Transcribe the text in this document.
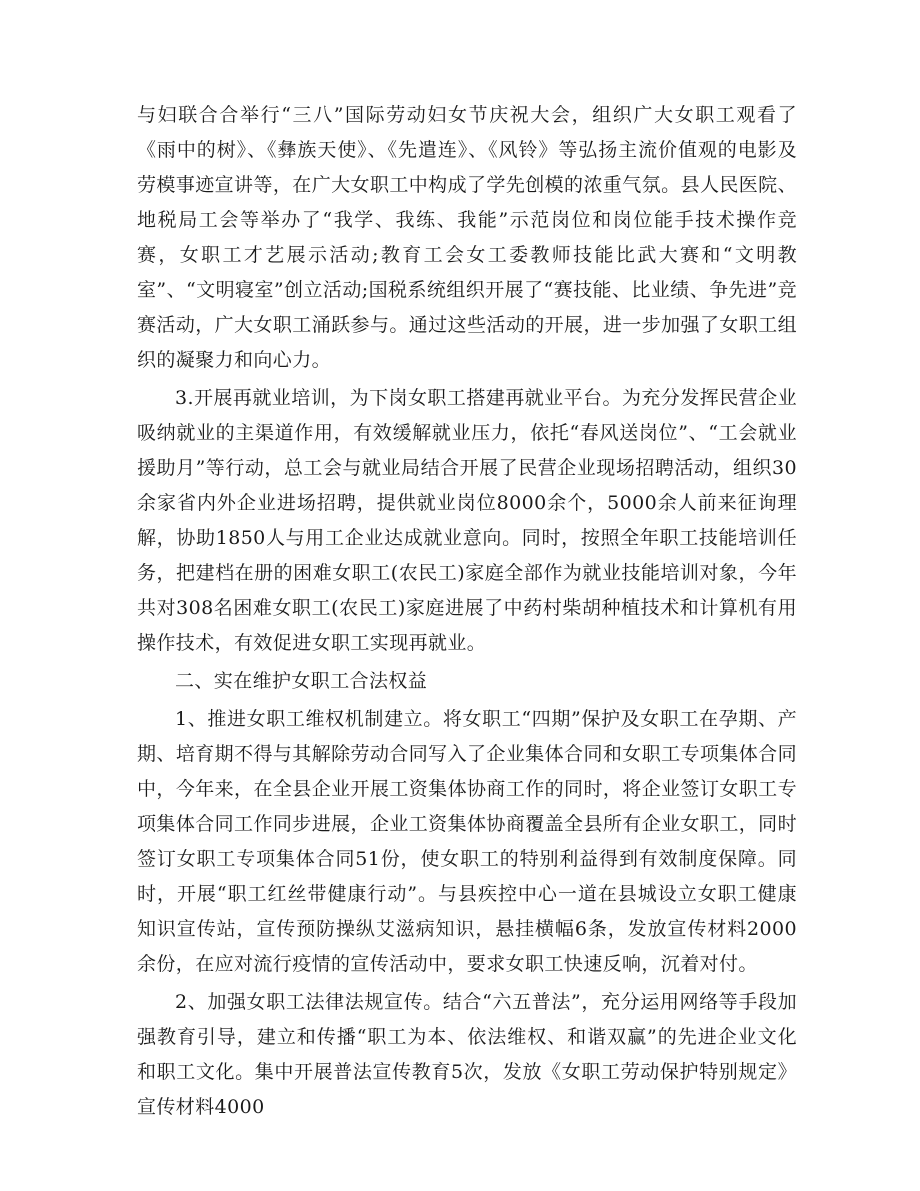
与妇联合合举行“三八”国际劳动妇女节庆祝大会，组织广大女职工观看了《雨中的树》、《彝族天使》、《先遣连》、《风铃》等弘扬主流价值观的电影及劳模事迹宣讲等，在广大女职工中构成了学先创模的浓重气氛。县人民医院、地税局工会等举办了“我学、我练、我能”示范岗位和岗位能手技术操作竞赛，女职工才艺展示活动;教育工会女工委教师技能比武大赛和“文明教室”、“文明寝室”创立活动;国税系统组织开展了“赛技能、比业绩、争先进”竞赛活动，广大女职工涌跃参与。通过这些活动的开展，进一步加强了女职工组织的凝聚力和向心力。

3.开展再就业培训，为下岗女职工搭建再就业平台。为充分发挥民营企业吸纳就业的主渠道作用，有效缓解就业压力，依托“春风送岗位”、“工会就业援助月”等行动，总工会与就业局结合开展了民营企业现场招聘活动，组织30余家省内外企业进场招聘，提供就业岗位8000余个，5000余人前来征询理解，协助1850人与用工企业达成就业意向。同时，按照全年职工技能培训任务，把建档在册的困难女职工(农民工)家庭全部作为就业技能培训对象，今年共对308名困难女职工(农民工)家庭进展了中药村柴胡种植技术和计算机有用操作技术，有效促进女职工实现再就业。

二、实在维护女职工合法权益

1、推进女职工维权机制建立。将女职工“四期”保护及女职工在孕期、产期、培育期不得与其解除劳动合同写入了企业集体合同和女职工专项集体合同中，今年来，在全县企业开展工资集体协商工作的同时，将企业签订女职工专项集体合同工作同步进展，企业工资集体协商覆盖全县所有企业女职工，同时签订女职工专项集体合同51份，使女职工的特别利益得到有效制度保障。同时，开展“职工红丝带健康行动”。与县疾控中心一道在县城设立女职工健康知识宣传站，宣传预防操纵艾滋病知识，悬挂横幅6条，发放宣传材料2000余份，在应对流行疫情的宣传活动中，要求女职工快速反响，沉着对付。

2、加强女职工法律法规宣传。结合“六五普法”，充分运用网络等手段加强教育引导，建立和传播“职工为本、依法维权、和谐双赢”的先进企业文化和职工文化。集中开展普法宣传教育5次，发放《女职工劳动保护特别规定》宣传材料4000
